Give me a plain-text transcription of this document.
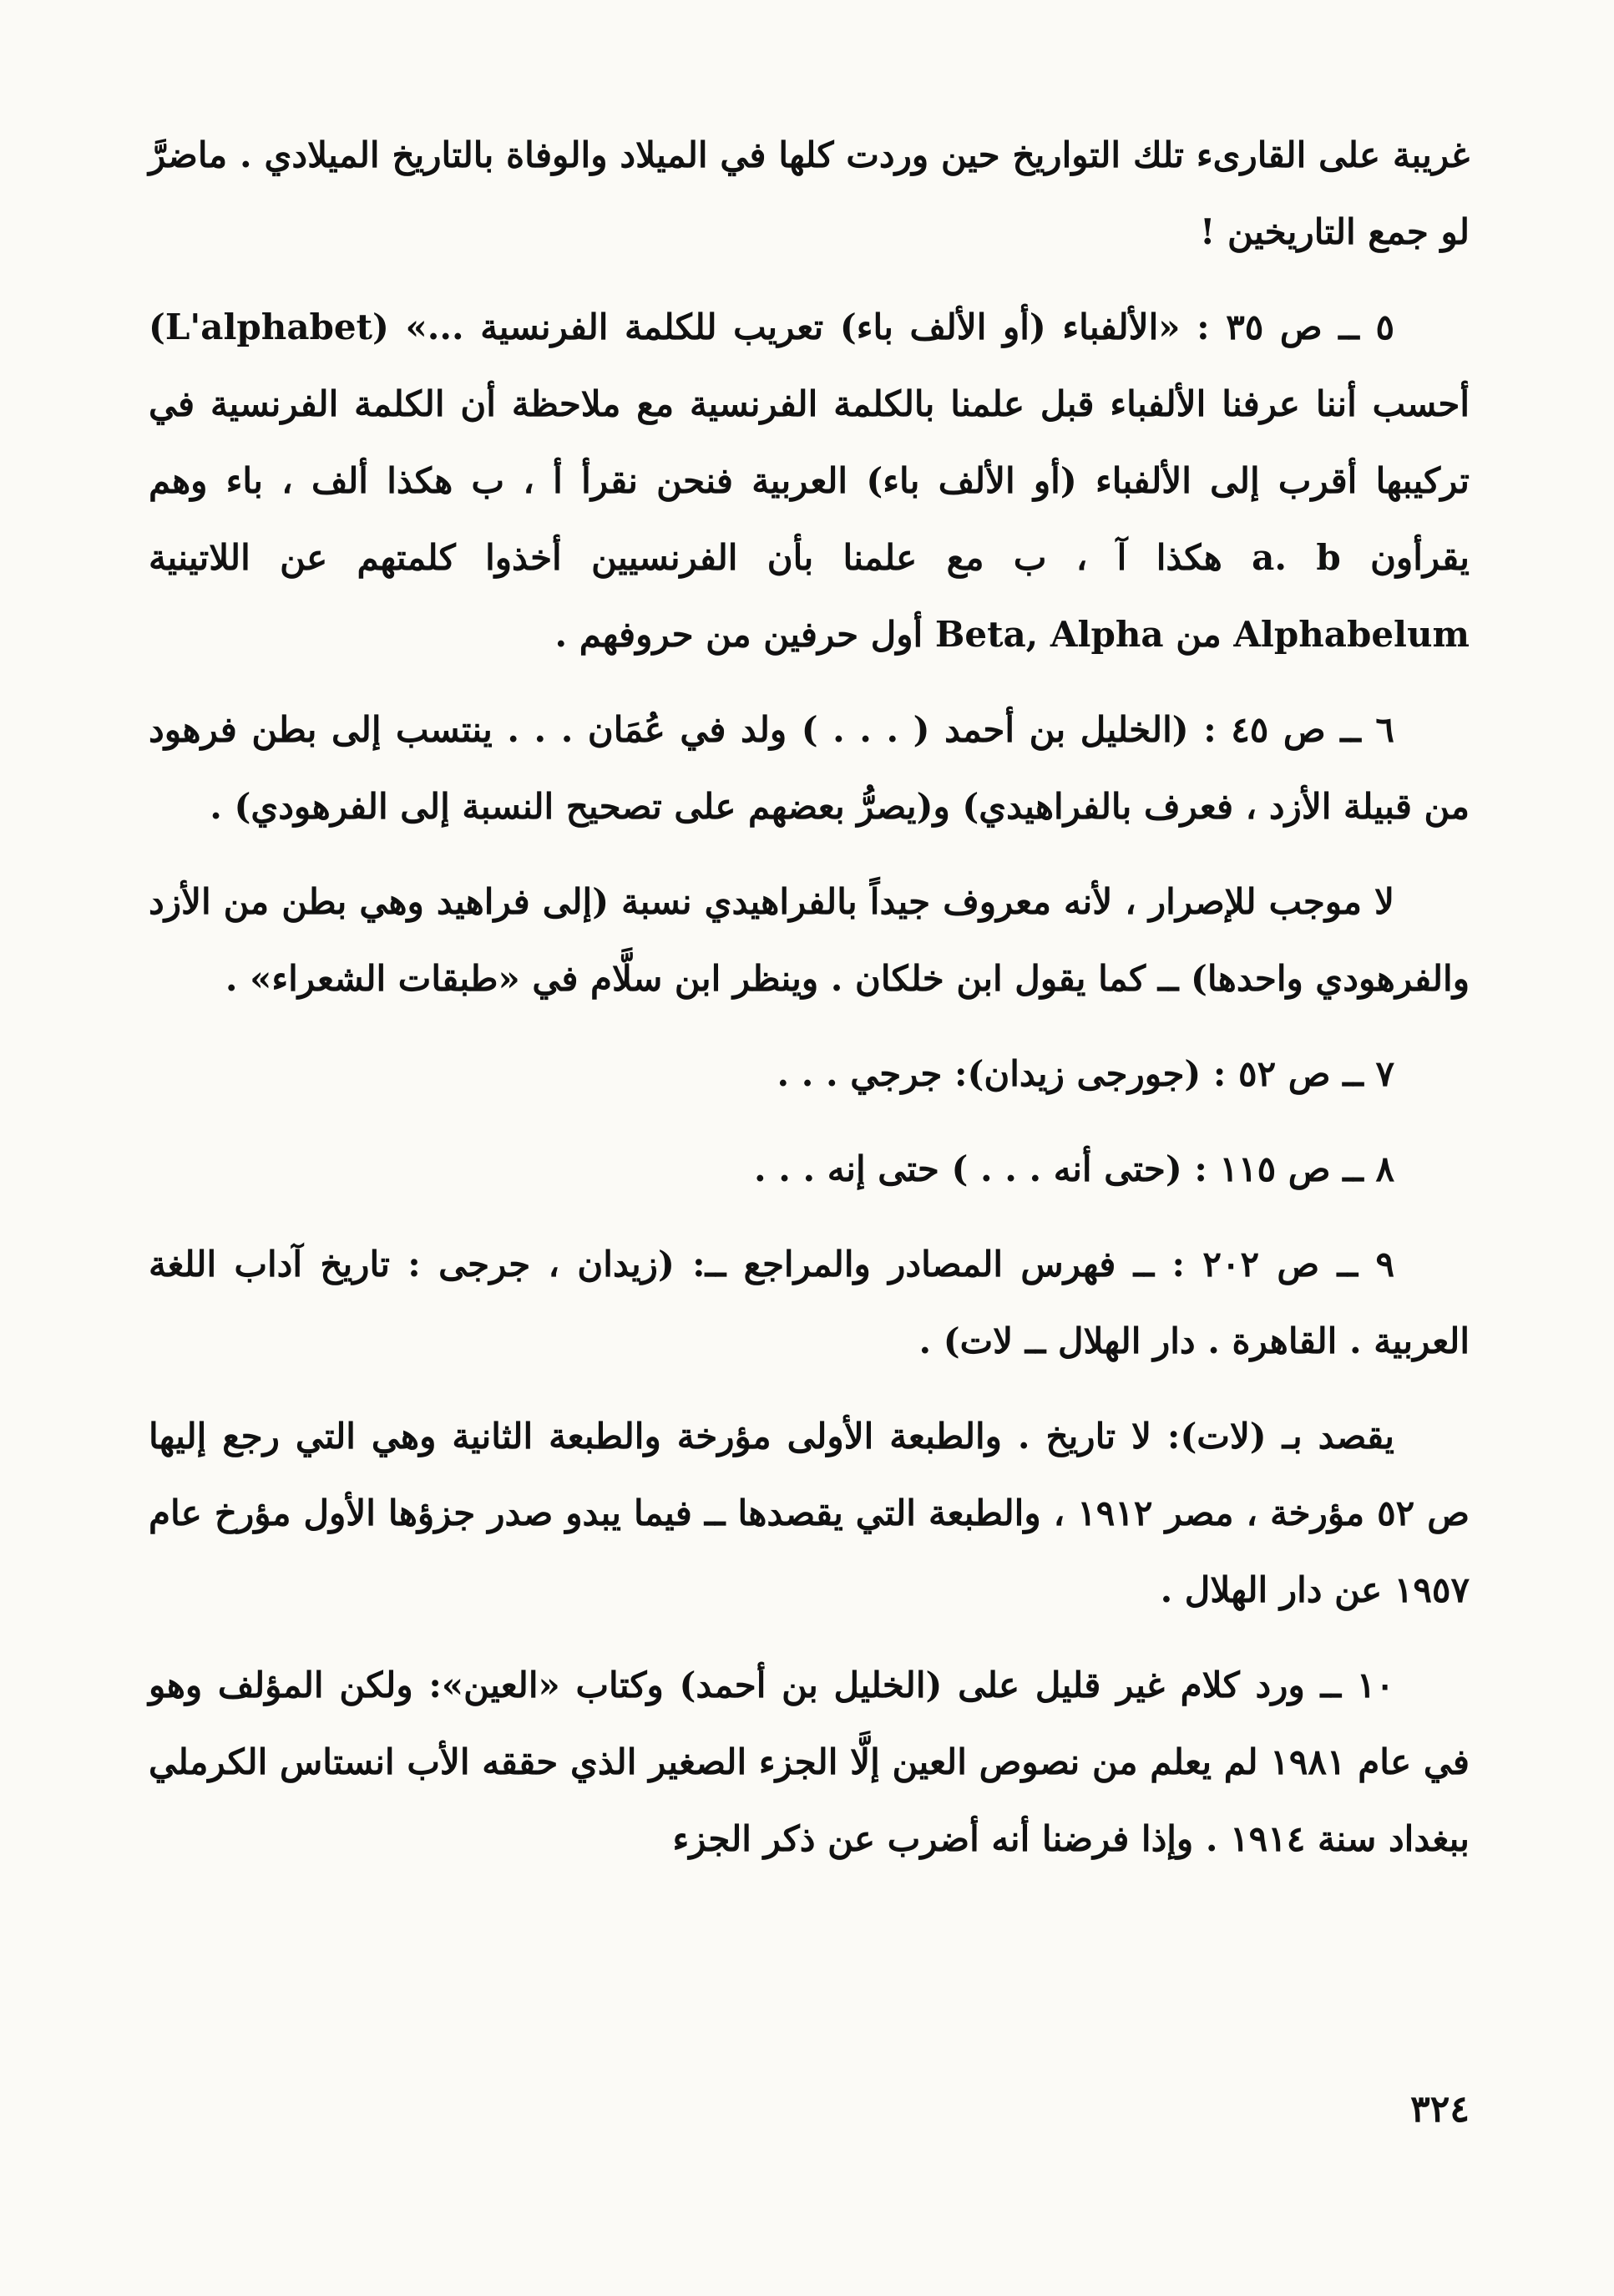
غريبة على القارىء تلك التواريخ حين وردت كلها في الميلاد والوفاة بالتاريخ الميلادي . ماضرَّ لو جمع التاريخين !

٥ ــ ص ٣٥ : «الألفباء (أو الألف باء) تعريب للكلمة الفرنسية ...» (L'alphabet) أحسب أننا عرفنا الألفباء قبل علمنا بالكلمة الفرنسية مع ملاحظة أن الكلمة الفرنسية في تركيبها أقرب إلى الألفباء (أو الألف باء) العربية فنحن نقرأ أ ، ب هكذا ألف ، باء وهم يقرأون a. b هكذا آ ، ب مع علمنا بأن الفرنسيين أخذوا كلمتهم عن اللاتينية Alphabelum من Beta, Alpha أول حرفين من حروفهم .

٦ ــ ص ٤٥ : (الخليل بن أحمد ( . . . ) ولد في عُمَان . . . ينتسب إلى بطن فرهود من قبيلة الأزد ، فعرف بالفراهيدي) و(يصرُّ بعضهم على تصحيح النسبة إلى الفرهودي) .

لا موجب للإصرار ، لأنه معروف جيداً بالفراهيدي نسبة (إلى فراهيد وهي بطن من الأزد والفرهودي واحدها) ــ كما يقول ابن خلكان . وينظر ابن سلَّام في «طبقات الشعراء» .

٧ ــ ص ٥٢ : (جورجى زيدان): جرجي . . .

٨ ــ ص ١١٥ : (حتى أنه . . . ) حتى إنه . . .

٩ ــ ص ٢٠٢ : ــ فهرس المصادر والمراجع ــ: (زيدان ، جرجى : تاريخ آداب اللغة العربية . القاهرة . دار الهلال ــ لات) .

يقصد بـ (لات): لا تاريخ . والطبعة الأولى مؤرخة والطبعة الثانية وهي التي رجع إليها ص ٥٢ مؤرخة ، مصر ١٩١٢ ، والطبعة التي يقصدها ــ فيما يبدو صدر جزؤها الأول مؤرخ عام ١٩٥٧ عن دار الهلال .

١٠ ــ ورد كلام غير قليل على (الخليل بن أحمد) وكتاب «العين»: ولكن المؤلف وهو في عام ١٩٨١ لم يعلم من نصوص العين إلَّا الجزء الصغير الذي حققه الأب انستاس الكرملي ببغداد سنة ١٩١٤ . وإذا فرضنا أنه أضرب عن ذكر الجزء

٣٢٤
